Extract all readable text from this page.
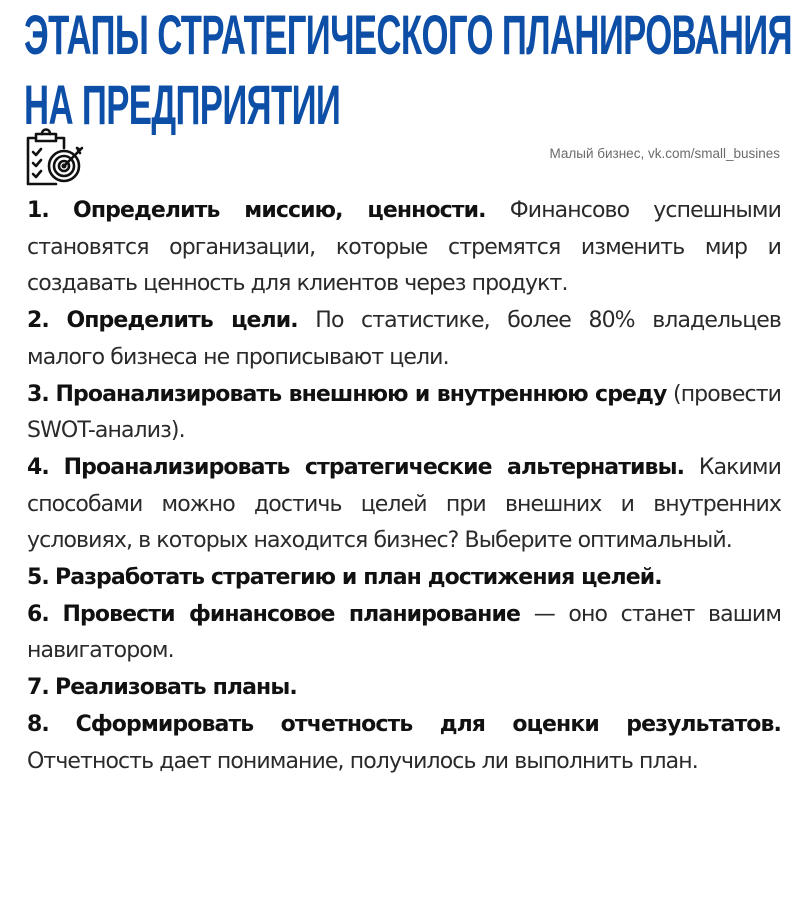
ЭТАПЫ СТРАТЕГИЧЕСКОГО ПЛАНИРОВАНИЯ
НА ПРЕДПРИЯТИИ
Малый бизнес, vk.com/small_busines

1. Определить миссию, ценности. Финансово успешными становятся организации, которые стремятся изменить мир и создавать ценность для клиентов через продукт.

2. Определить цели. По статистике, более 80% владельцев малого бизнеса не прописывают цели.

3. Проанализировать внешнюю и внутреннюю среду (провести SWOT-анализ).

4. Проанализировать стратегические альтернативы. Какими способами можно достичь целей при внешних и внутренних условиях, в которых находится бизнес? Выберите оптимальный.

5. Разработать стратегию и план достижения целей.

6. Провести финансовое планирование — оно станет вашим навигатором.

7. Реализовать планы.

8. Сформировать отчетность для оценки результатов. Отчетность дает понимание, получилось ли выполнить план.
